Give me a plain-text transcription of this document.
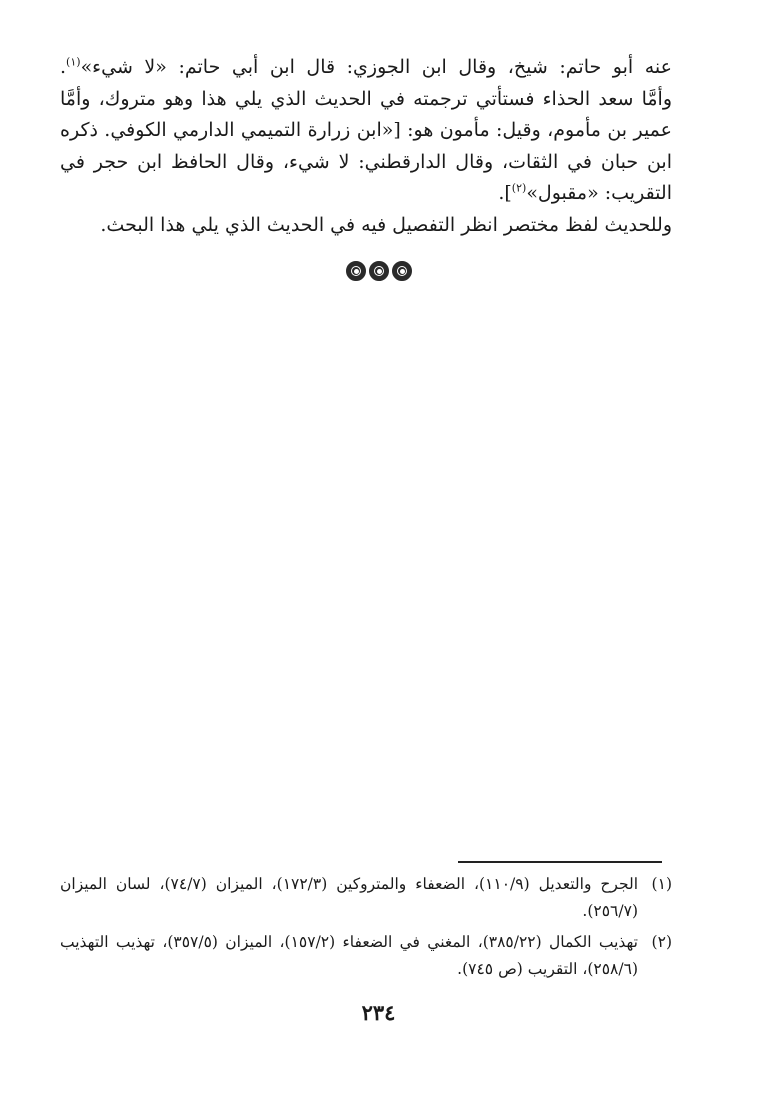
عنه أبو حاتم: شيخ، وقال ابن الجوزي: قال ابن أبي حاتم: «لا شيء»$^{(١)}$.
وأمَّا سعد الحذاء فستأتي ترجمته في الحديث الذي يلي هذا وهو متروك، وأمَّا
عمير بن مأموم، وقيل: مأمون هو: [«ابن زرارة التميمي الدارمي الكوفي. ذكره
ابن حبان في الثقات، وقال الدارقطني: لا شيء، وقال الحافظ ابن حجر في
التقريب: «مقبول»$^{(٢)}$].
وللحديث لفظ مختصر انظر التفصيل فيه في الحديث الذي يلي هذا البحث.
(١)
الجرح والتعديل (١١٠/٩)، الضعفاء والمتروكين (١٧٢/٣)، الميزان (٧٤/٧)، لسان الميزان (٢٥٦/٧).
(٢)
تهذيب الكمال (٣٨٥/٢٢)، المغني في الضعفاء (١٥٧/٢)، الميزان (٣٥٧/٥)، تهذيب التهذيب (٢٥٨/٦)، التقريب (ص ٧٤٥).
٢٣٤
